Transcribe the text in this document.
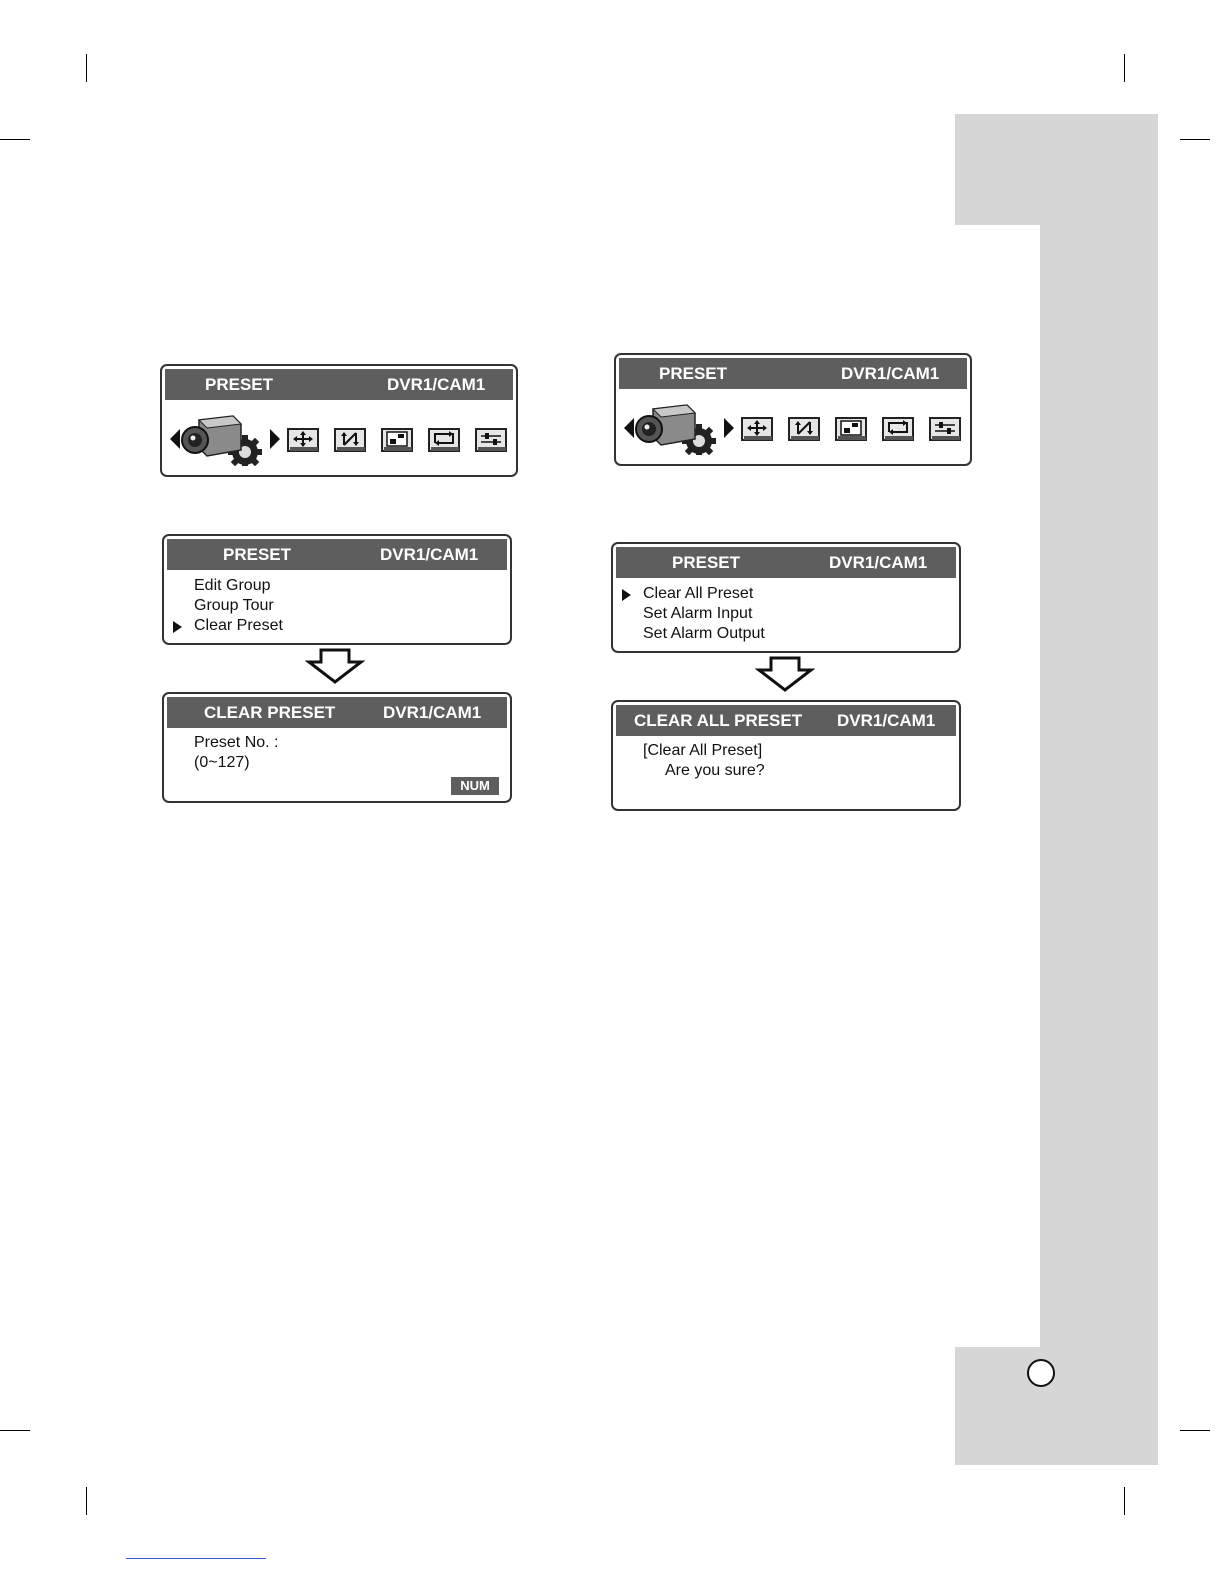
PRESET	DVR1/CAM1
PRESET	DVR1/CAM1
Edit Group
Group Tour
Clear Preset
CLEAR PRESET	DVR1/CAM1
Preset No. :
(0~127)
NUM
PRESET	DVR1/CAM1
PRESET	DVR1/CAM1
Clear All Preset
Set Alarm Input
Set Alarm Output
CLEAR ALL PRESET DVR1/CAM1
[Clear All Preset]
Are you sure?
